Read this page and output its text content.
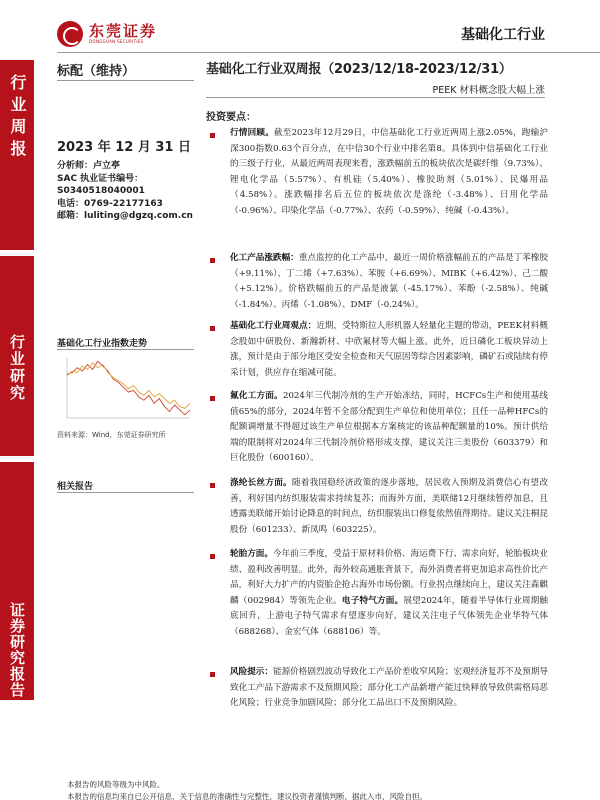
东莞证券
DONGGUAN SECURITIES	基础化工行业
行业周报
行业研究
证券研究报告
标配（维持）
2023 年 12 月 31 日
分析师：卢立亭
SAC 执业证书编号：
S0340518040001
电话：0769-22177163
邮箱：luliting@dgzq.com.cn
基础化工行业指数走势
资料来源：Wind，东莞证券研究所
相关报告
基础化工行业双周报（2023/12/18-2023/12/31）
PEEK 材料概念股大幅上涨
投资要点：
行情回顾。截至2023年12月29日，中信基础化工行业近两周上涨2.05%，跑输沪深300指数0.63个百分点，在中信30个行业中排名第8。具体到中信基础化工行业的三级子行业，从最近两周表现来看，涨跌幅前五的板块依次是碳纤维（9.73%）、锂电化学品（5.57%）、有机硅（5.40%）、橡胶助剂（5.01%）、民爆用品（4.58%）。涨跌幅排名后五位的板块依次是涤纶（-3.48%）、日用化学品（-0.96%）、印染化学品（-0.77%）、农药（-0.59%）、纯碱（-0.43%）。
化工产品涨跌幅：重点监控的化工产品中，最近一周价格涨幅前五的产品是丁苯橡胶（+9.11%）、丁二烯（+7.63%）、苯胺（+6.69%）、MIBK（+6.42%）、己二酸（+5.12%）。价格跌幅前五的产品是液氯（-45.17%）、苯酚（-2.58%）、纯碱（-1.84%）、丙烯（-1.08%）、DMF（-0.24%）。
基础化工行业周观点：近期，受特斯拉人形机器人轻量化主题的带动，PEEK材料概念股如中研股份、新瀚新材、中欣氟材等大幅上涨。此外，近日磷化工板块异动上涨，预计是由于部分地区受安全检查和天气原因等综合因素影响，磷矿石或陆续有停采计划，供应存在缩减可能。
氟化工方面。2024年三代制冷剂的生产开始冻结，同时，HCFCs生产和使用基线值65%的部分，2024年暂不全部分配到生产单位和使用单位；且任一品种HFCs的配额调增量不得超过该生产单位根据本方案核定的该品种配额量的10%。预计供给端的限制将对2024年三代制冷剂价格形成支撑，建议关注三美股份（603379）和巨化股份（600160）。
涤纶长丝方面。随着我国稳经济政策的逐步落地，居民收入预期及消费信心有望改善，利好国内纺织服装需求持续复苏；而海外方面，美联储12月继续暂停加息，且透露美联储开始讨论降息的时间点，纺织服装出口修复依然值得期待。建议关注桐昆股份（601233）、新凤鸣（603225）。
轮胎方面。今年前三季度，受益于原材料价格、海运费下行、需求向好，轮胎板块业绩、盈利改善明显。此外，海外较高通胀背景下，海外消费者将更加追求高性价比产品，利好大力扩产的内资胎企抢占海外市场份额。行业拐点继续向上，建议关注森麒麟（002984）等领先企业。电子特气方面。展望2024年，随着半导体行业周期触底回升，上游电子特气需求有望逐步向好，建议关注电子气体领先企业华特气体（688268）、金宏气体（688106）等。
风险提示：能源价格剧烈波动导致化工产品价差收窄风险；宏观经济复苏不及预期导致化工产品下游需求不及预期风险；部分化工产品新增产能过快释放导致供需格局恶化风险；行业竞争加剧风险；部分化工品出口不及预期风险。
本报告的风险等级为中风险。
本报告的信息均来自已公开信息，关于信息的准确性与完整性，建议投资者谨慎判断，据此入市，风险自担。
